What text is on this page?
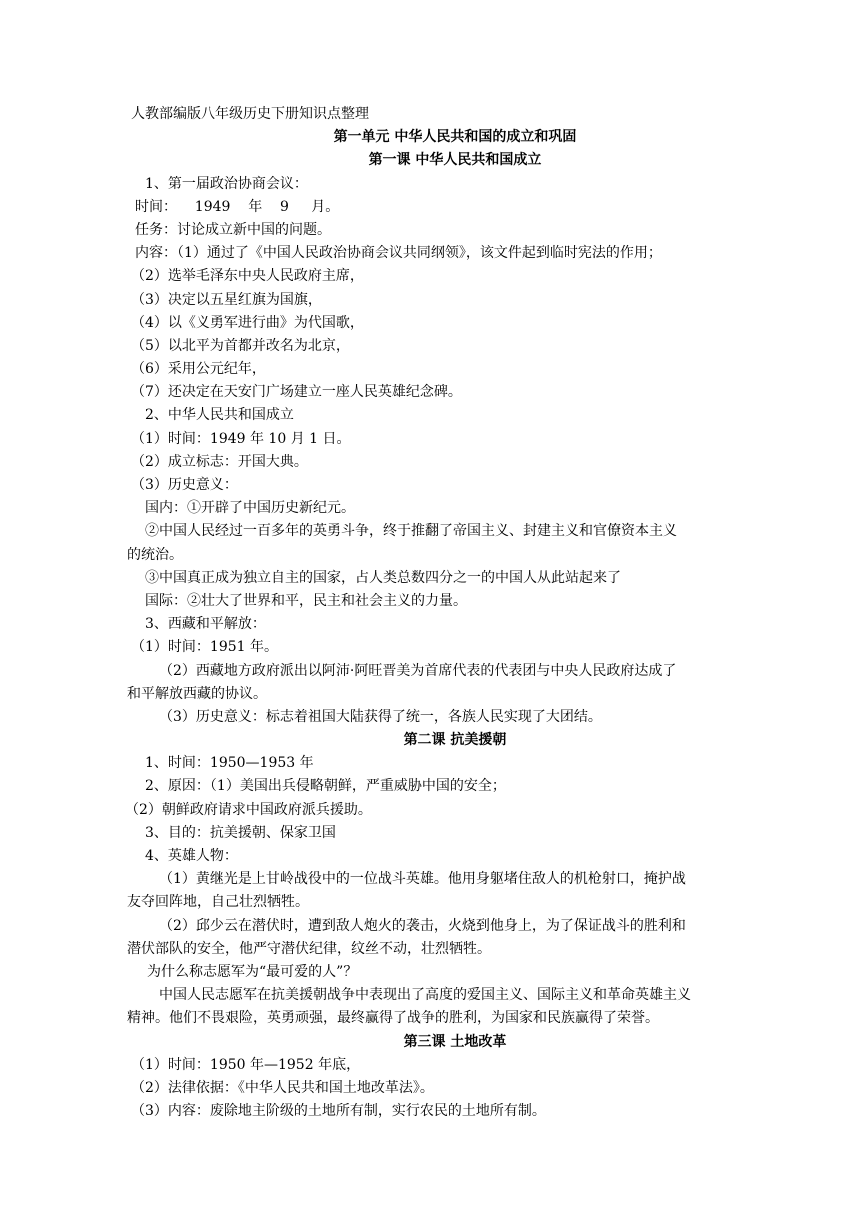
人教部编版八年级历史下册知识点整理
第一单元 中华人民共和国的成立和巩固
第一课 中华人民共和国成立
1、第一届政治协商会议：
时间：    1949    年    9     月。
任务：讨论成立新中国的问题。
内容：（1）通过了《中国人民政治协商会议共同纲领》，该文件起到临时宪法的作用；
（2）选举毛泽东中央人民政府主席，
（3）决定以五星红旗为国旗，
（4）以《义勇军进行曲》为代国歌，
（5）以北平为首都并改名为北京，
（6）采用公元纪年，
（7）还决定在天安门广场建立一座人民英雄纪念碑。
2、中华人民共和国成立
（1）时间：1949 年 10 月 1 日。
（2）成立标志：开国大典。
（3）历史意义：
国内：①开辟了中国历史新纪元。
②中国人民经过一百多年的英勇斗争，终于推翻了帝国主义、封建主义和官僚资本主义
的统治。
③中国真正成为独立自主的国家，占人类总数四分之一的中国人从此站起来了
国际：②壮大了世界和平，民主和社会主义的力量。
3、西藏和平解放：
（1）时间：1951 年。
（2）西藏地方政府派出以阿沛·阿旺晋美为首席代表的代表团与中央人民政府达成了
和平解放西藏的协议。
（3）历史意义：标志着祖国大陆获得了统一，各族人民实现了大团结。
第二课 抗美援朝
1、时间：1950—1953 年
2、原因：（1）美国出兵侵略朝鲜，严重威胁中国的安全；
（2）朝鲜政府请求中国政府派兵援助。
3、目的：抗美援朝、保家卫国
4、英雄人物：
（1）黄继光是上甘岭战役中的一位战斗英雄。他用身躯堵住敌人的机枪射口，掩护战
友夺回阵地，自己壮烈牺牲。
（2）邱少云在潜伏时，遭到敌人炮火的袭击，火烧到他身上，为了保证战斗的胜利和
潜伏部队的安全，他严守潜伏纪律，纹丝不动，壮烈牺牲。
为什么称志愿军为“最可爱的人”？
中国人民志愿军在抗美援朝战争中表现出了高度的爱国主义、国际主义和革命英雄主义
精神。他们不畏艰险，英勇顽强，最终赢得了战争的胜利，为国家和民族赢得了荣誉。
第三课 土地改革
（1）时间：1950 年—1952 年底，
（2）法律依据：《中华人民共和国土地改革法》。
（3）内容：废除地主阶级的土地所有制，实行农民的土地所有制。
